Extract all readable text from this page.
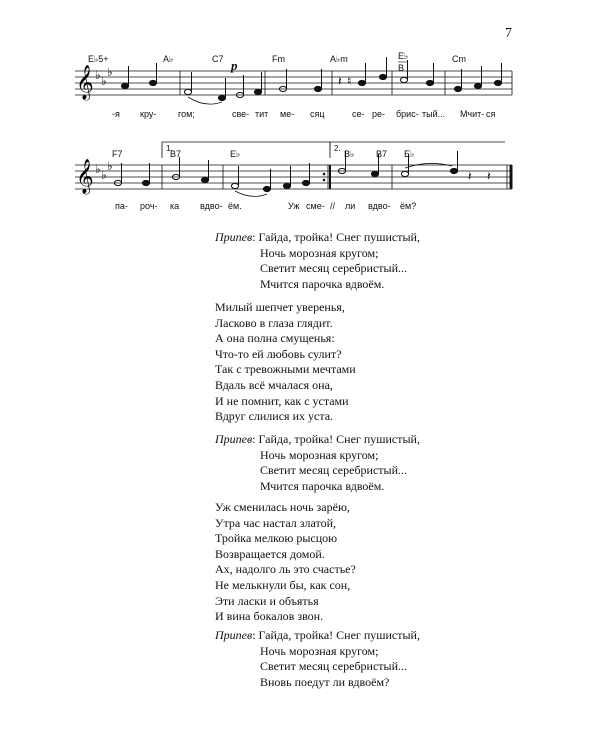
7
𝄞 ♭ ♭
♭
𝄽 ♮
E♭5+	A♭	C7	Fm	A♭m	E♭
B
Cm
p
-я кру- гом;	све- тит ме- сяц	се- ре- брис- тый... Мчит- ся
𝄞 ♭ ♭
♭
𝄽 𝄽
1.	2.
F7	B7	E♭	B♭ B7 E♭
па- роч- ка вдво- ём.	Уж сме- // ли вдво- ём?
Припев: Гайда, тройка! Снег пушистый,
Ночь морозная кругом;
Светит месяц серебристый...
Мчится парочка вдвоём.
Милый шепчет уверенья,
Ласково в глаза глядит.
А она полна смущенья:
Что-то ей любовь сулит?
Так с тревожными мечтами
Вдаль всё мчалася она,
И не помнит, как с устами
Вдруг слилися их уста.
Припев: Гайда, тройка! Снег пушистый,
Ночь морозная кругом;
Светит месяц серебристый...
Мчится парочка вдвоём.
Уж сменилась ночь зарёю,
Утра час настал златой,
Тройка мелкою рысцою
Возвращается домой.
Ах, надолго ль это счастье?
Не мелькнули бы, как сон,
Эти ласки и объятья
И вина бокалов звон.
Припев: Гайда, тройка! Снег пушистый,
Ночь морозная кругом;
Светит месяц серебристый...
Вновь поедут ли вдвоём?
